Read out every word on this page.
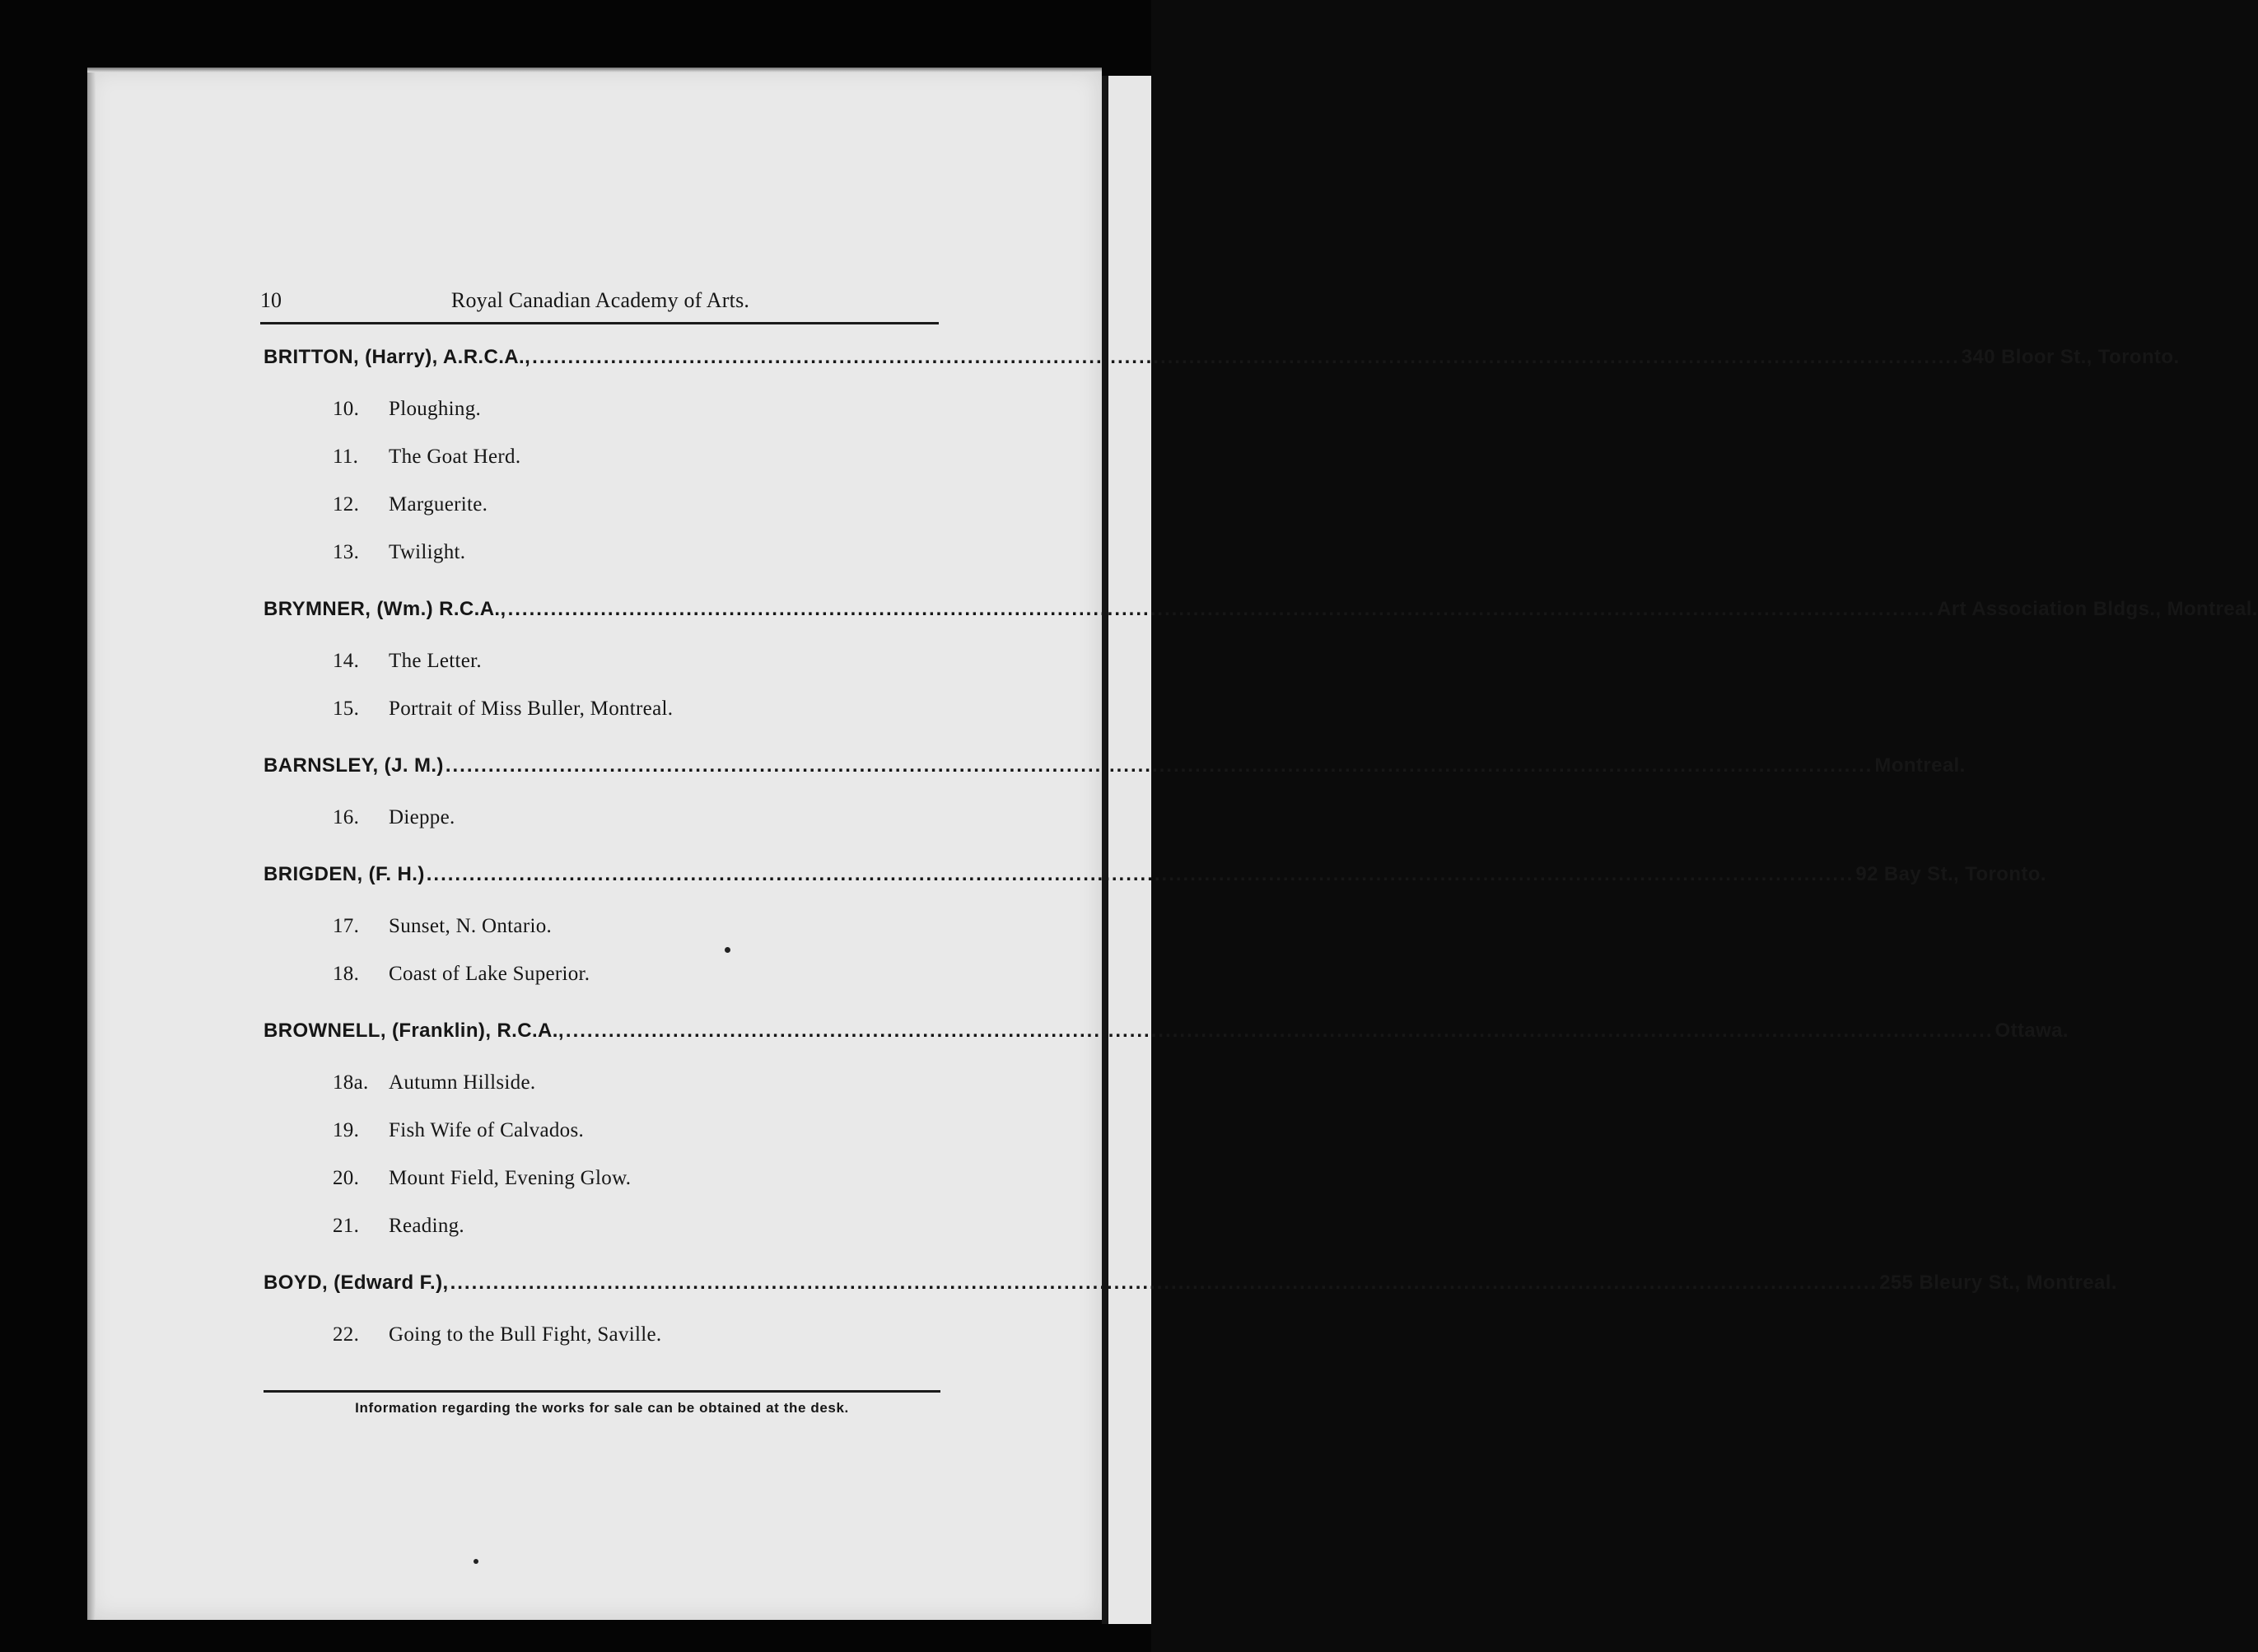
10	Royal Canadian Academy of Arts.
BRITTON, (Harry), A.R.C.A., ........................................................................................................................................................................................................ 340 Bloor St., Toronto.
10.	Ploughing.
11.	The Goat Herd.
12.	Marguerite.
13.	Twilight.
BRYMNER, (Wm.) R.C.A., ........................................................................................................................................................................................................ Art Association Bldgs., Montreal.
14.	The Letter.
15.	Portrait of Miss Buller, Montreal.
BARNSLEY, (J. M.) ........................................................................................................................................................................................................ Montreal.
16.	Dieppe.
BRIGDEN, (F. H.) ........................................................................................................................................................................................................ 92 Bay St., Toronto.
17.	Sunset, N. Ontario.
18.	Coast of Lake Superior.
BROWNELL, (Franklin), R.C.A., ........................................................................................................................................................................................................ Ottawa.
18a. Autumn Hillside.
19.	Fish Wife of Calvados.
20.	Mount Field, Evening Glow.
21.	Reading.
BOYD, (Edward F.), ........................................................................................................................................................................................................ 255 Bleury St., Montreal.
22.	Going to the Bull Fight, Saville.
Information regarding the works for sale can be obtained at the desk.
